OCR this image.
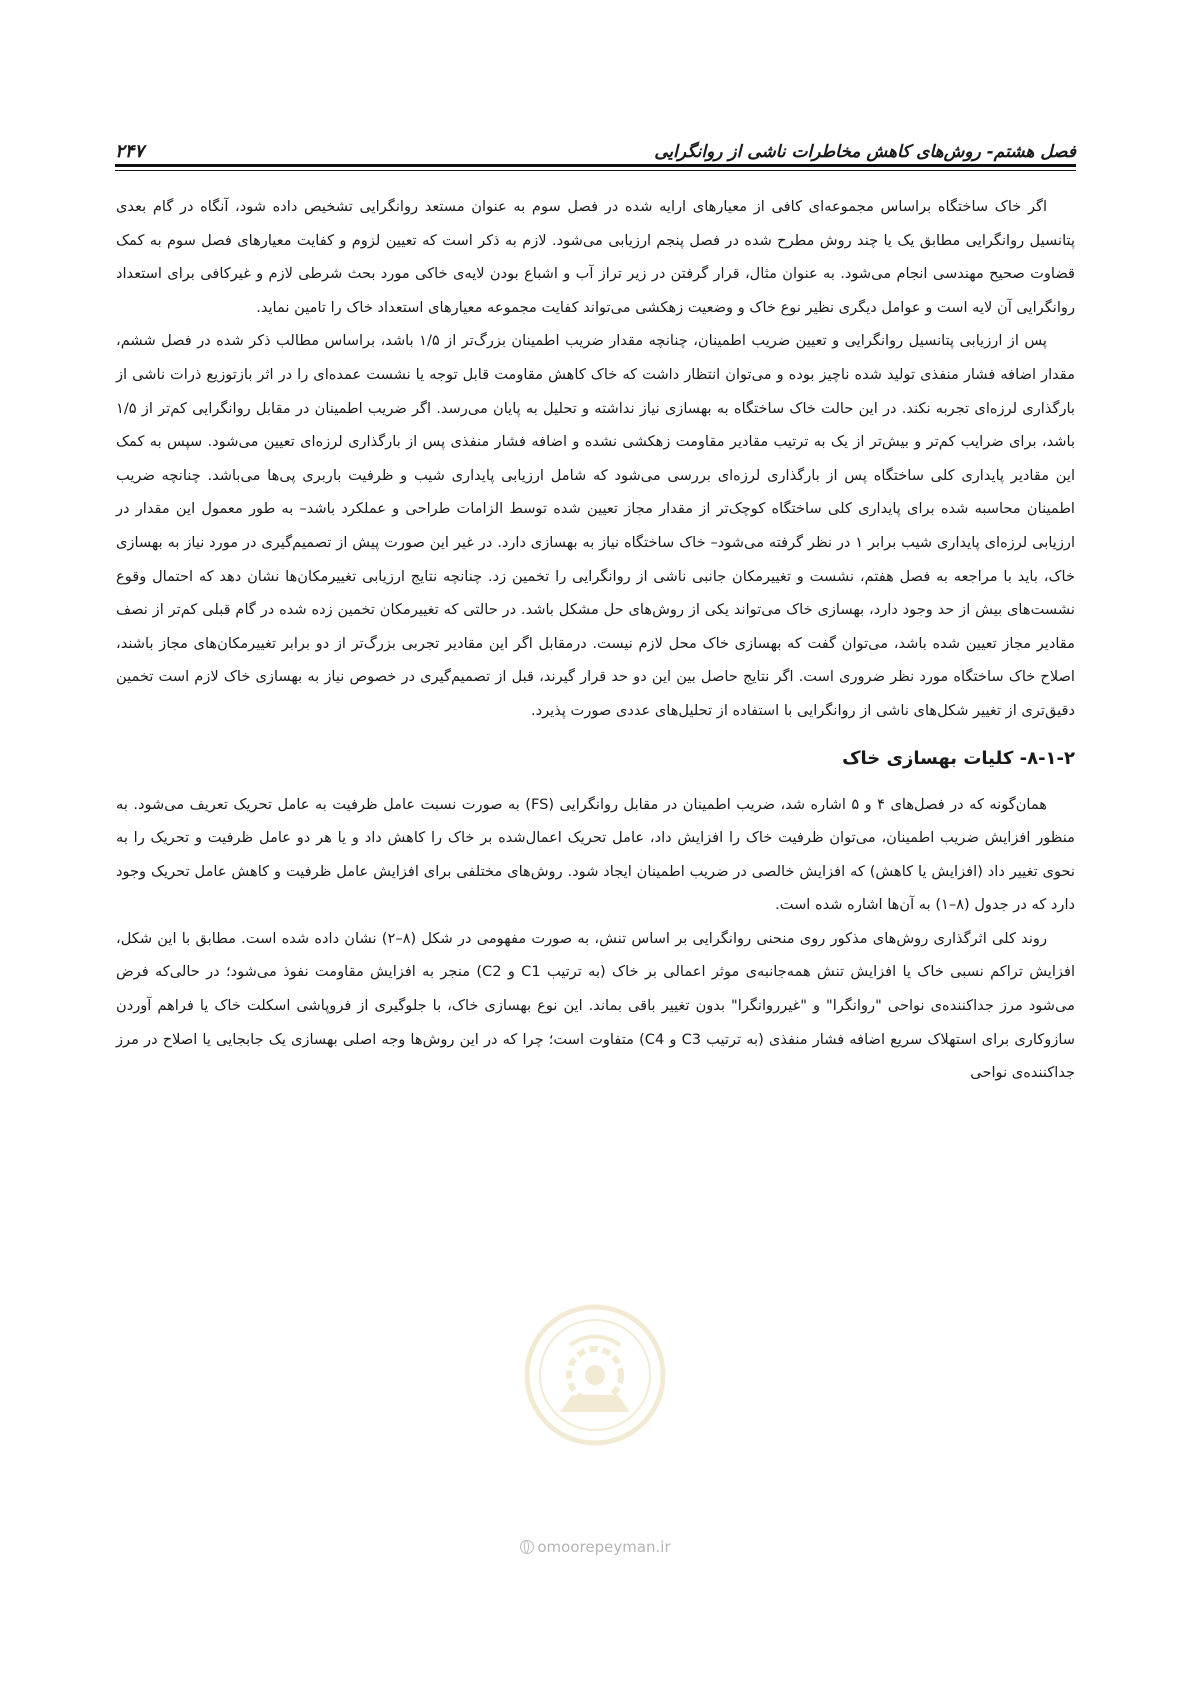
فصل هشتم- روش‌های کاهش مخاطرات ناشی از روانگرایی
۲۴۷

اگر خاک ساختگاه براساس مجموعه‌ای کافی از معیارهای ارایه شده در فصل سوم به عنوان مستعد روانگرایی تشخیص داده شود، آنگاه در گام بعدی پتانسیل روانگرایی مطابق یک یا چند روش مطرح شده در فصل پنجم ارزیابی می‌شود. لازم به ذکر است که تعیین لزوم و کفایت معیارهای فصل سوم به کمک قضاوت صحیح مهندسی انجام می‌شود. به عنوان مثال، قرار گرفتن در زیر تراز آب و اشباع بودن لایه‌ی خاکی مورد بحث شرطی لازم و غیرکافی برای استعداد روانگرایی آن لایه است و عوامل دیگری نظیر نوع خاک و وضعیت زهکشی می‌تواند کفایت مجموعه معیارهای استعداد خاک را تامین نماید.

پس از ارزیابی پتانسیل روانگرایی و تعیین ضریب اطمینان، چنانچه مقدار ضریب اطمینان بزرگ‌تر از ۱/۵ باشد، براساس مطالب ذکر شده در فصل ششم، مقدار اضافه فشار منفذی تولید شده ناچیز بوده و می‌توان انتظار داشت که خاک کاهش مقاومت قابل توجه یا نشست عمده‌ای را در اثر بازتوزیع ذرات ناشی از بارگذاری لرزه‌ای تجربه نکند. در این حالت خاک ساختگاه به بهسازی نیاز نداشته و تحلیل به پایان می‌رسد. اگر ضریب اطمینان در مقابل روانگرایی کم‌تر از ۱/۵ باشد، برای ضرایب کم‌تر و بیش‌تر از یک به ترتیب مقادیر مقاومت زهکشی نشده و اضافه فشار منفذی پس از بارگذاری لرزه‌ای تعیین می‌شود. سپس به کمک این مقادیر پایداری کلی ساختگاه پس از بارگذاری لرزه‌ای بررسی می‌شود که شامل ارزیابی پایداری شیب و ظرفیت باربری پی‌ها می‌باشد. چنانچه ضریب اطمینان محاسبه شده برای پایداری کلی ساختگاه کوچک‌تر از مقدار مجاز تعیین شده توسط الزامات طراحی و عملکرد باشد– به طور معمول این مقدار در ارزیابی لرزه‌ای پایداری شیب برابر ۱ در نظر گرفته می‌شود– خاک ساختگاه نیاز به بهسازی دارد. در غیر این صورت پیش از تصمیم‌گیری در مورد نیاز به بهسازی خاک، باید با مراجعه به فصل هفتم، نشست و تغییرمکان جانبی ناشی از روانگرایی را تخمین زد. چنانچه نتایج ارزیابی تغییرمکان‌ها نشان دهد که احتمال وقوع نشست‌های بیش از حد وجود دارد، بهسازی خاک می‌تواند یکی از روش‌های حل مشکل باشد. در حالتی که تغییرمکان تخمین زده شده در گام قبلی کم‌تر از نصف مقادیر مجاز تعیین شده باشد، می‌توان گفت که بهسازی خاک محل لازم نیست. درمقابل اگر این مقادیر تجربی بزرگ‌تر از دو برابر تغییرمکان‌های مجاز باشند، اصلاح خاک ساختگاه مورد نظر ضروری است. اگر نتایج حاصل بین این دو حد قرار گیرند، قبل از تصمیم‌گیری در خصوص نیاز به بهسازی خاک لازم است تخمین دقیق‌تری از تغییر شکل‌های ناشی از روانگرایی با استفاده از تحلیل‌های عددی صورت پذیرد.

۸-۱-۲- کلیات بهسازی خاک

همان‌گونه که در فصل‌های ۴ و ۵ اشاره شد، ضریب اطمینان در مقابل روانگرایی (FS) به صورت نسبت عامل ظرفیت به عامل تحریک تعریف می‌شود. به منظور افزایش ضریب اطمینان، می‌توان ظرفیت خاک را افزایش داد، عامل تحریک اعمال‌شده بر خاک را کاهش داد و یا هر دو عامل ظرفیت و تحریک را به نحوی تغییر داد (افزایش یا کاهش) که افزایش خالصی در ضریب اطمینان ایجاد شود. روش‌های مختلفی برای افزایش عامل ظرفیت و کاهش عامل تحریک وجود دارد که در جدول (۸–۱) به آن‌ها اشاره شده است.

روند کلی اثرگذاری روش‌های مذکور روی منحنی روانگرایی بر اساس تنش، به صورت مفهومی در شکل (۸–۲) نشان داده شده است. مطابق با این شکل، افزایش تراکم نسبی خاک یا افزایش تنش همه‌جانبه‌ی موثر اعمالی بر خاک (به ترتیب C1 و C2) منجر به افزایش مقاومت نفوذ می‌شود؛ در حالی‌که فرض می‌شود مرز جداکننده‌ی نواحی "روانگرا" و "غیرروانگرا" بدون تغییر باقی بماند. این نوع بهسازی خاک، با جلوگیری از فروپاشی اسکلت خاک یا فراهم آوردن سازوکاری برای استهلاک سریع اضافه فشار منفذی (به ترتیب C3 و C4) متفاوت است؛ چرا که در این روش‌ها وجه اصلی بهسازی یک جابجایی یا اصلاح در مرز جداکننده‌ی نواحی

omoorepeyman.ir
